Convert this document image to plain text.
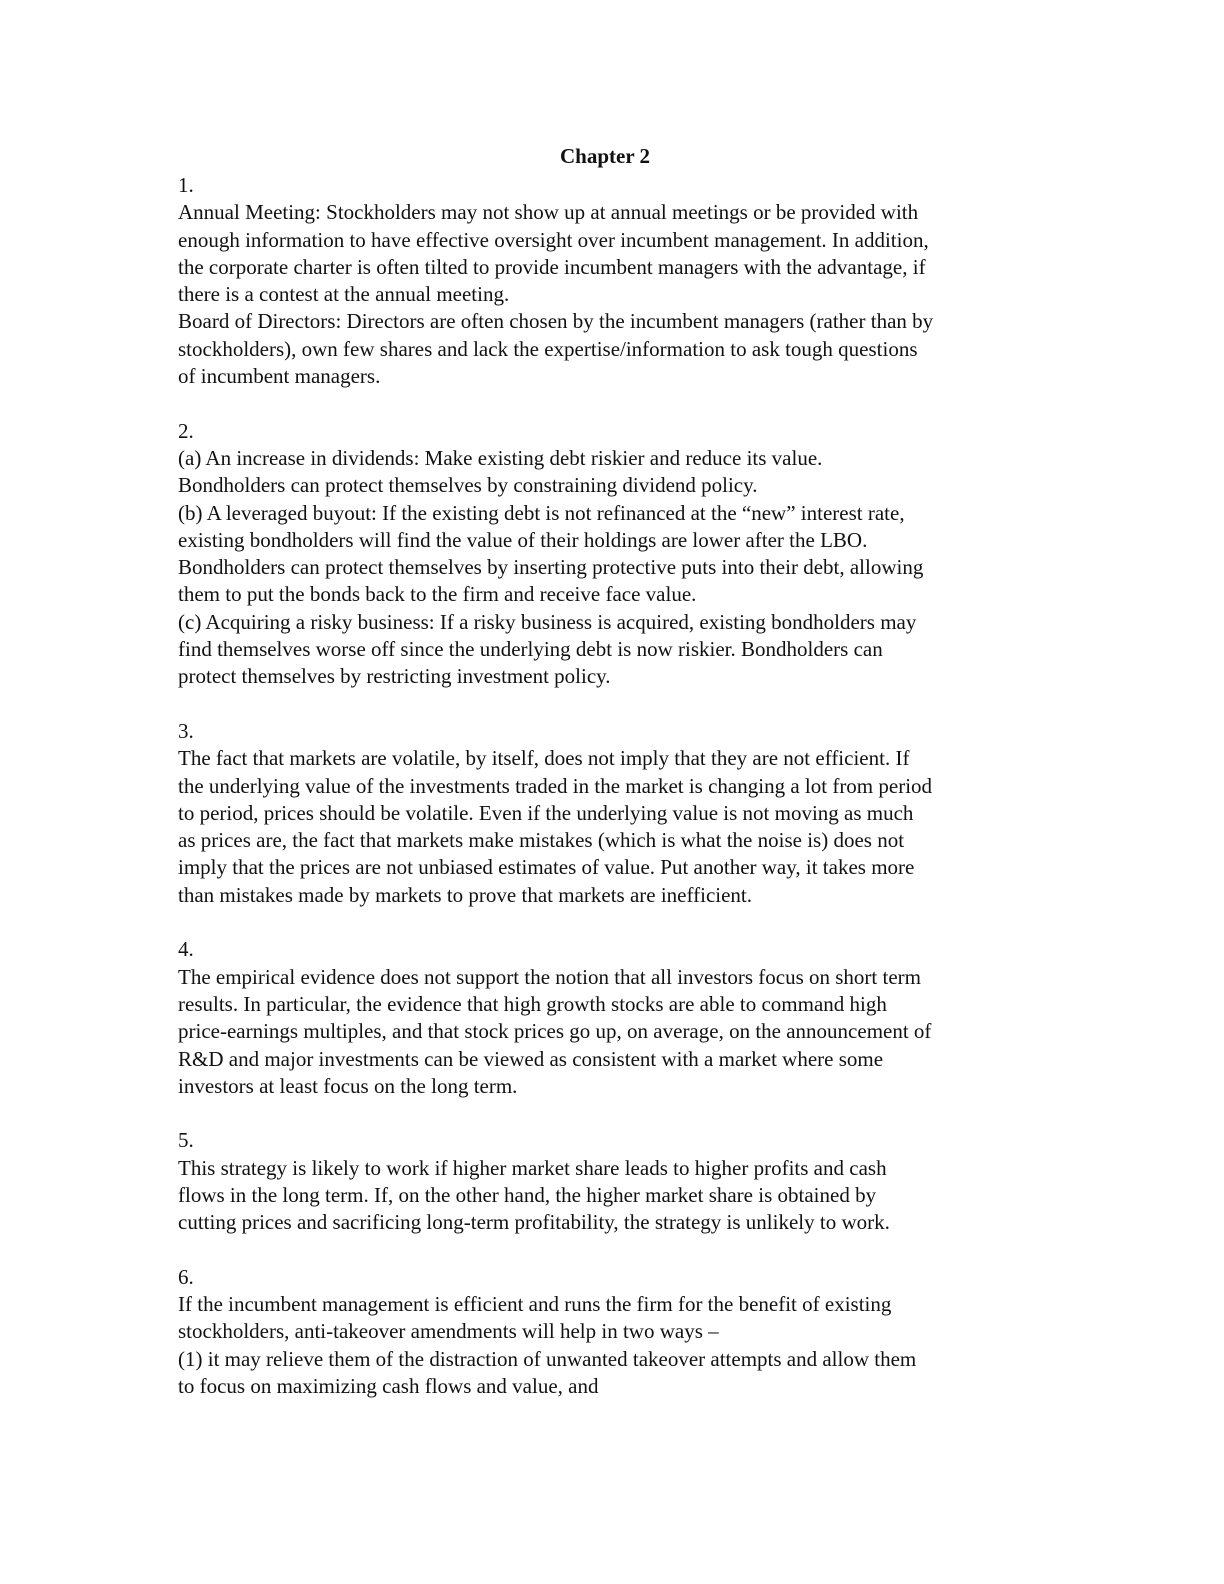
Chapter 2
1.
Annual Meeting: Stockholders may not show up at annual meetings or be provided with
enough information to have effective oversight over incumbent management. In addition,
the corporate charter is often tilted to provide incumbent managers with the advantage, if
there is a contest at the annual meeting.
Board of Directors: Directors are often chosen by the incumbent managers (rather than by
stockholders), own few shares and lack the expertise/information to ask tough questions
of incumbent managers.
2.
(a) An increase in dividends: Make existing debt riskier and reduce its value.
Bondholders can protect themselves by constraining dividend policy.
(b) A leveraged buyout: If the existing debt is not refinanced at the “new” interest rate,
existing bondholders will find the value of their holdings are lower after the LBO.
Bondholders can protect themselves by inserting protective puts into their debt, allowing
them to put the bonds back to the firm and receive face value.
(c) Acquiring a risky business: If a risky business is acquired, existing bondholders may
find themselves worse off since the underlying debt is now riskier. Bondholders can
protect themselves by restricting investment policy.
3.
The fact that markets are volatile, by itself, does not imply that they are not efficient. If
the underlying value of the investments traded in the market is changing a lot from period
to period, prices should be volatile. Even if the underlying value is not moving as much
as prices are, the fact that markets make mistakes (which is what the noise is) does not
imply that the prices are not unbiased estimates of value. Put another way, it takes more
than mistakes made by markets to prove that markets are inefficient.
4.
The empirical evidence does not support the notion that all investors focus on short term
results. In particular, the evidence that high growth stocks are able to command high
price-earnings multiples, and that stock prices go up, on average, on the announcement of
R&D and major investments can be viewed as consistent with a market where some
investors at least focus on the long term.
5.
This strategy is likely to work if higher market share leads to higher profits and cash
flows in the long term. If, on the other hand, the higher market share is obtained by
cutting prices and sacrificing long-term profitability, the strategy is unlikely to work.
6.
If the incumbent management is efficient and runs the firm for the benefit of existing
stockholders, anti-takeover amendments will help in two ways –
(1) it may relieve them of the distraction of unwanted takeover attempts and allow them
to focus on maximizing cash flows and value, and
